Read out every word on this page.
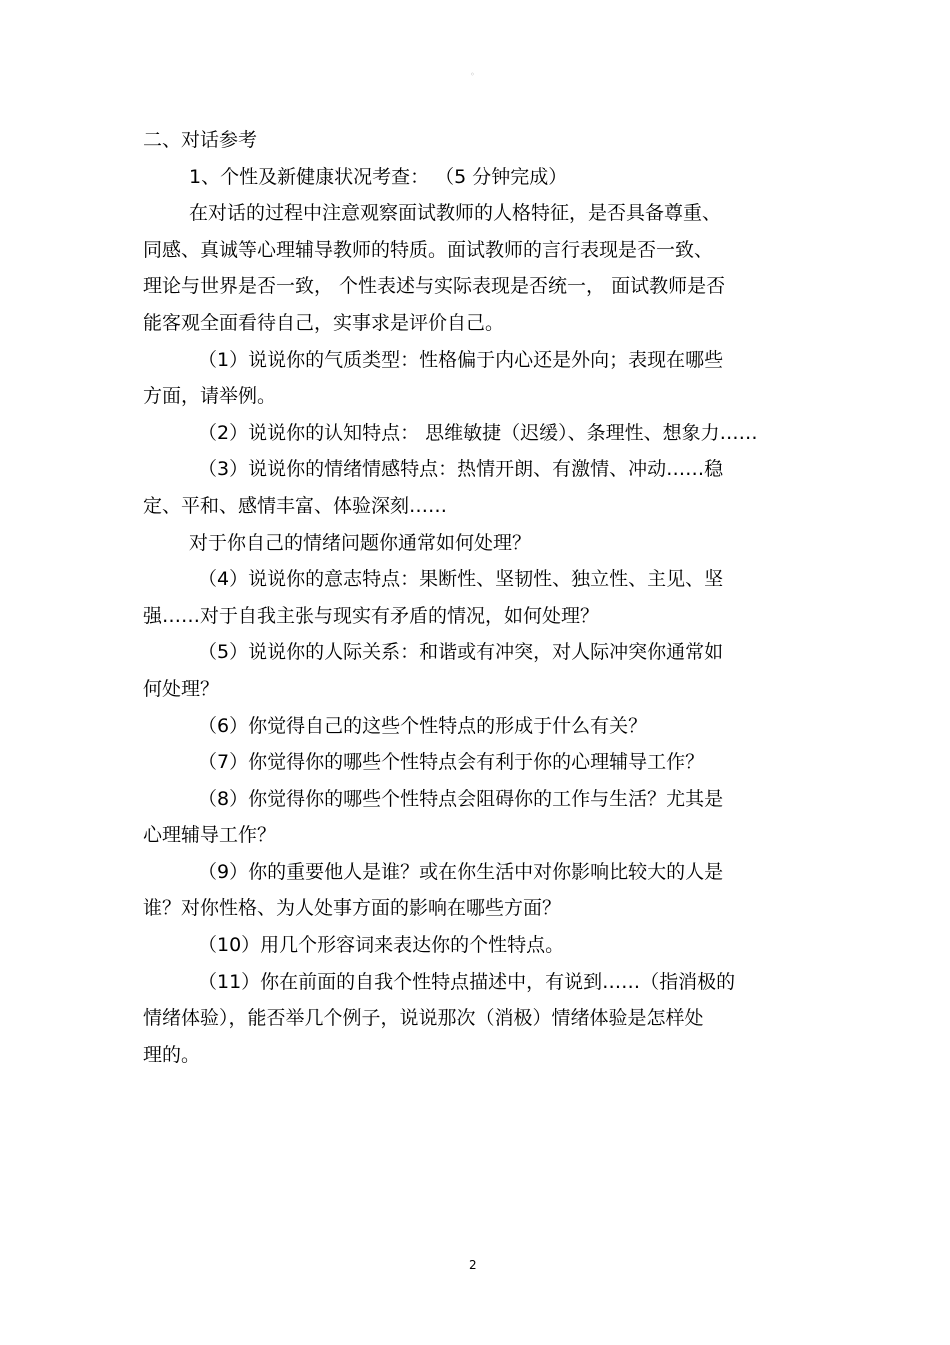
◦
二、对话参考
1、个性及新健康状况考查： （5 分钟完成）
在对话的过程中注意观察面试教师的人格特征，是否具备尊重、
同感、真诚等心理辅导教师的特质。面试教师的言行表现是否一致、
理论与世界是否一致， 个性表述与实际表现是否统一， 面试教师是否
能客观全面看待自己，实事求是评价自己。
（1）说说你的气质类型：性格偏于内心还是外向；表现在哪些
方面，请举例。
（2）说说你的认知特点： 思维敏捷（迟缓）、条理性、想象力……
（3）说说你的情绪情感特点：热情开朗、有激情、冲动……稳
定、平和、感情丰富、体验深刻……
对于你自己的情绪问题你通常如何处理？
（4）说说你的意志特点：果断性、坚韧性、独立性、主见、坚
强……对于自我主张与现实有矛盾的情况，如何处理？
（5）说说你的人际关系：和谐或有冲突，对人际冲突你通常如
何处理？
（6）你觉得自己的这些个性特点的形成于什么有关？
（7）你觉得你的哪些个性特点会有利于你的心理辅导工作？
（8）你觉得你的哪些个性特点会阻碍你的工作与生活？尤其是
心理辅导工作？
（9）你的重要他人是谁？或在你生活中对你影响比较大的人是
谁？对你性格、为人处事方面的影响在哪些方面？
（10）用几个形容词来表达你的个性特点。
（11）你在前面的自我个性特点描述中，有说到……（指消极的
情绪体验），能否举几个例子，说说那次（消极）情绪体验是怎样处
理的。
2
